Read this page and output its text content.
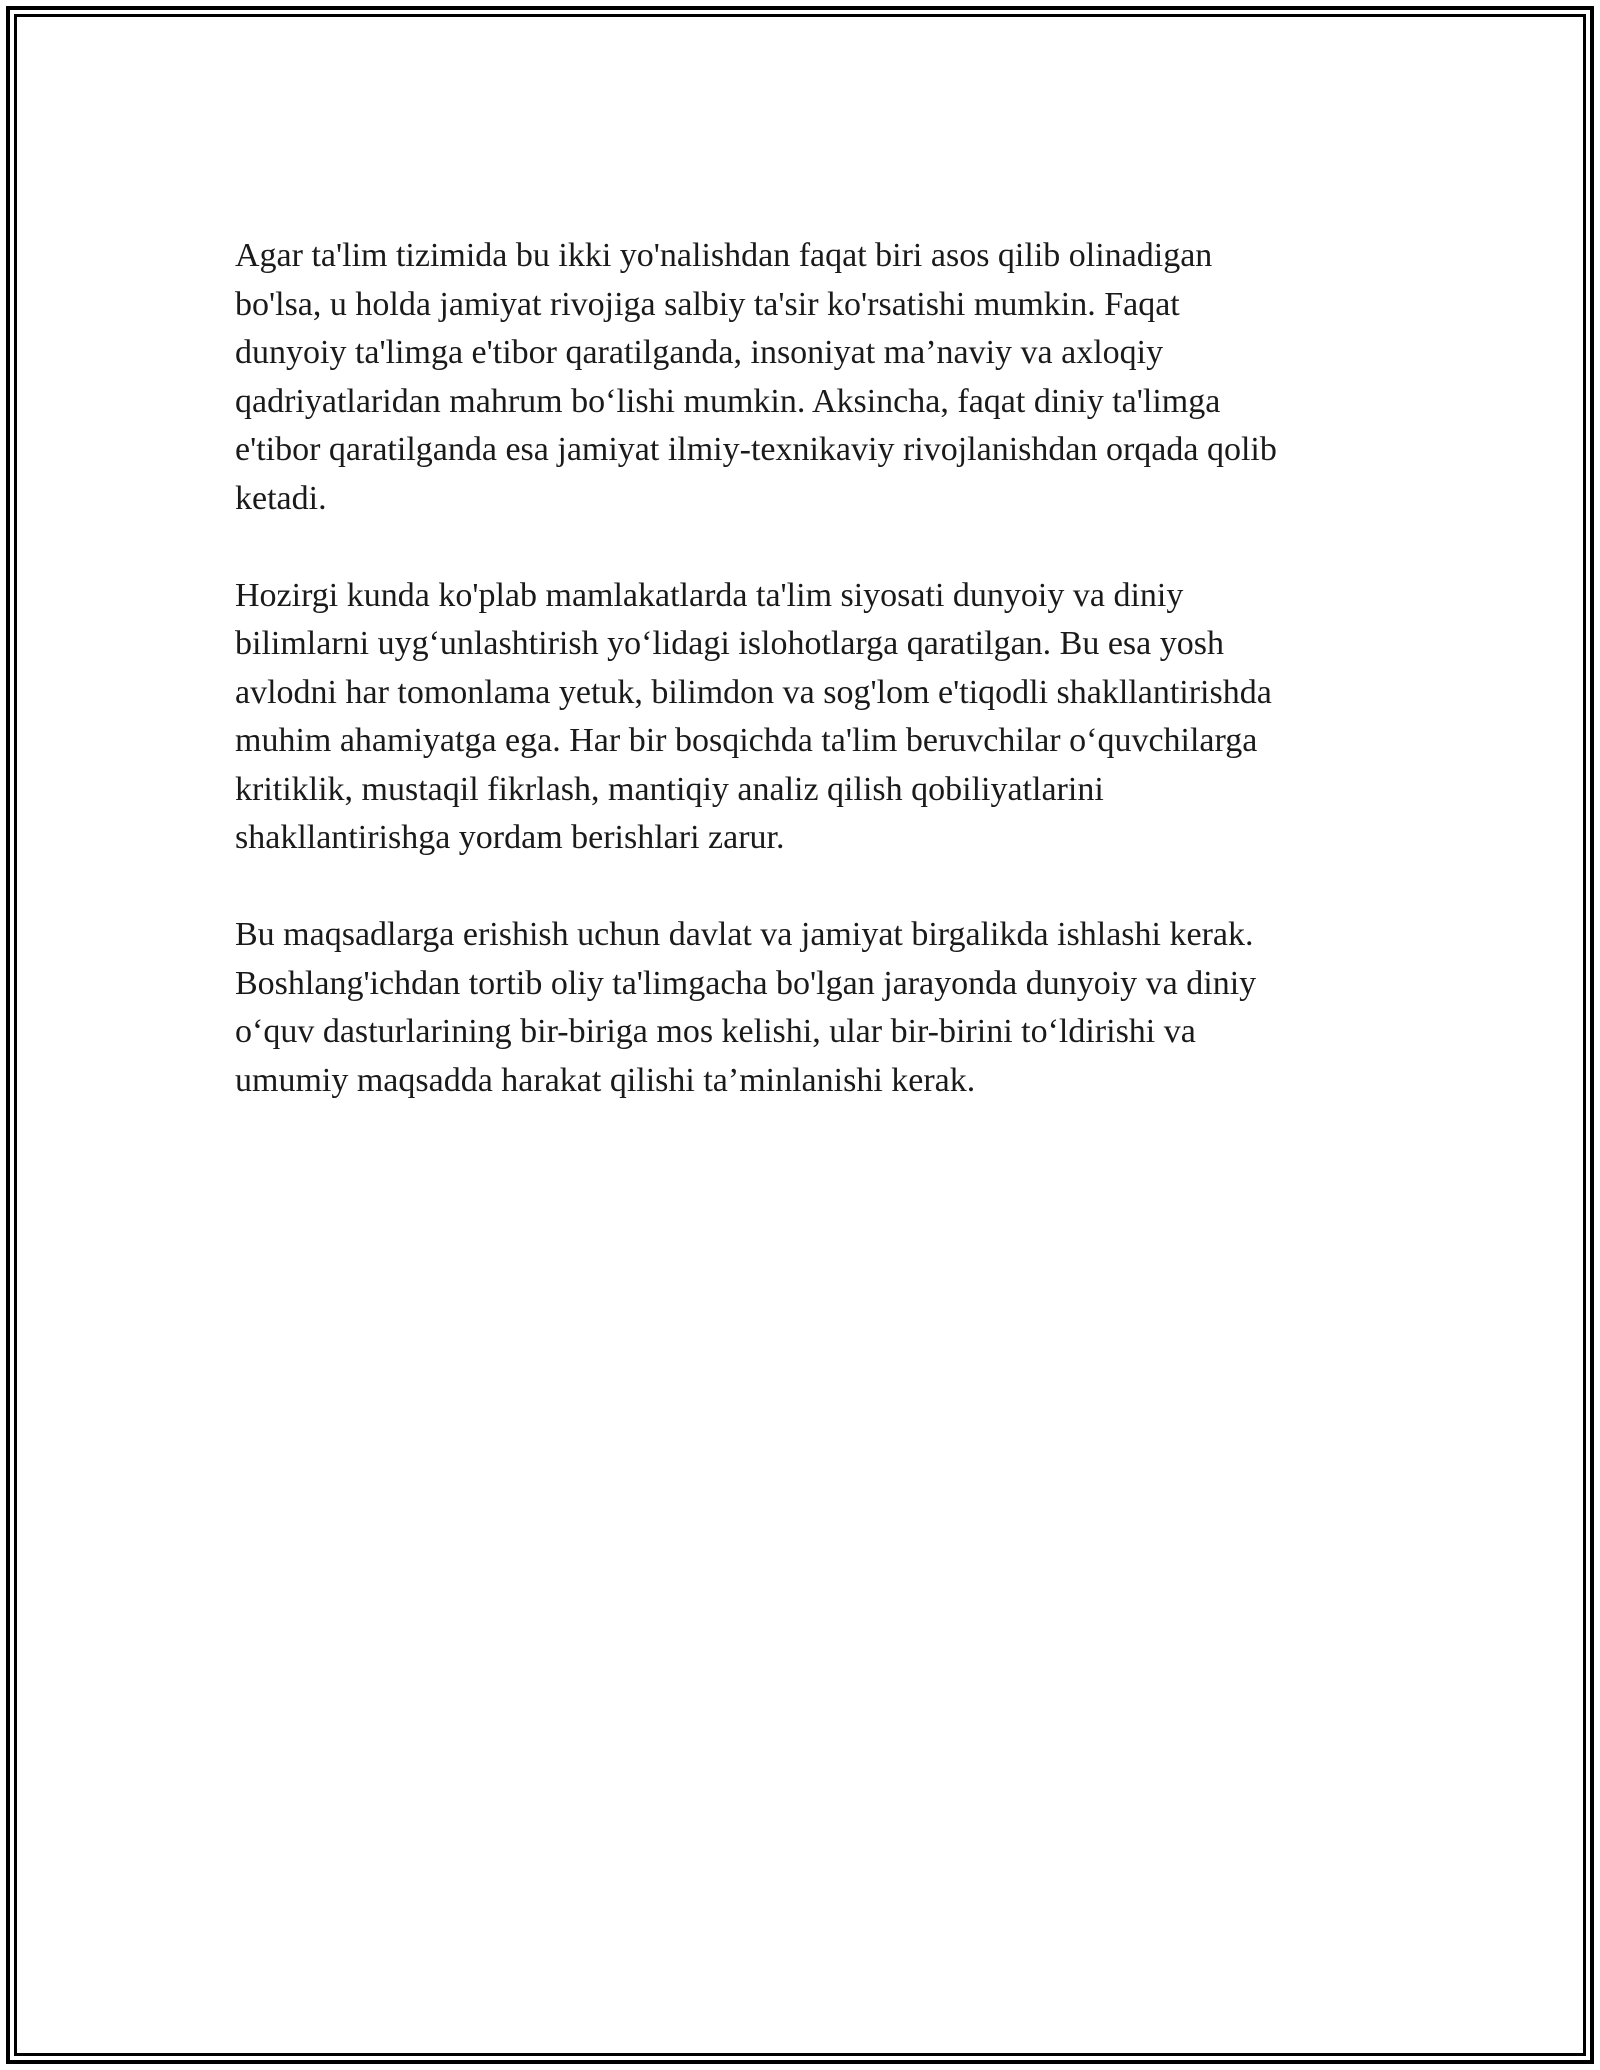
Agar ta'lim tizimida bu ikki yo'nalishdan faqat biri asos qilib olinadigan
bo'lsa, u holda jamiyat rivojiga salbiy ta'sir ko'rsatishi mumkin. Faqat
dunyoiy ta'limga e'tibor qaratilganda, insoniyat ma’naviy va axloqiy
qadriyatlaridan mahrum bo‘lishi mumkin. Aksincha, faqat diniy ta'limga
e'tibor qaratilganda esa jamiyat ilmiy-texnikaviy rivojlanishdan orqada qolib
ketadi.

Hozirgi kunda ko'plab mamlakatlarda ta'lim siyosati dunyoiy va diniy
bilimlarni uyg‘unlashtirish yo‘lidagi islohotlarga qaratilgan. Bu esa yosh
avlodni har tomonlama yetuk, bilimdon va sog'lom e'tiqodli shakllantirishda
muhim ahamiyatga ega. Har bir bosqichda ta'lim beruvchilar o‘quvchilarga
kritiklik, mustaqil fikrlash, mantiqiy analiz qilish qobiliyatlarini
shakllantirishga yordam berishlari zarur.

Bu maqsadlarga erishish uchun davlat va jamiyat birgalikda ishlashi kerak.
Boshlang'ichdan tortib oliy ta'limgacha bo'lgan jarayonda dunyoiy va diniy
o‘quv dasturlarining bir-biriga mos kelishi, ular bir-birini to‘ldirishi va
umumiy maqsadda harakat qilishi ta’minlanishi kerak.
